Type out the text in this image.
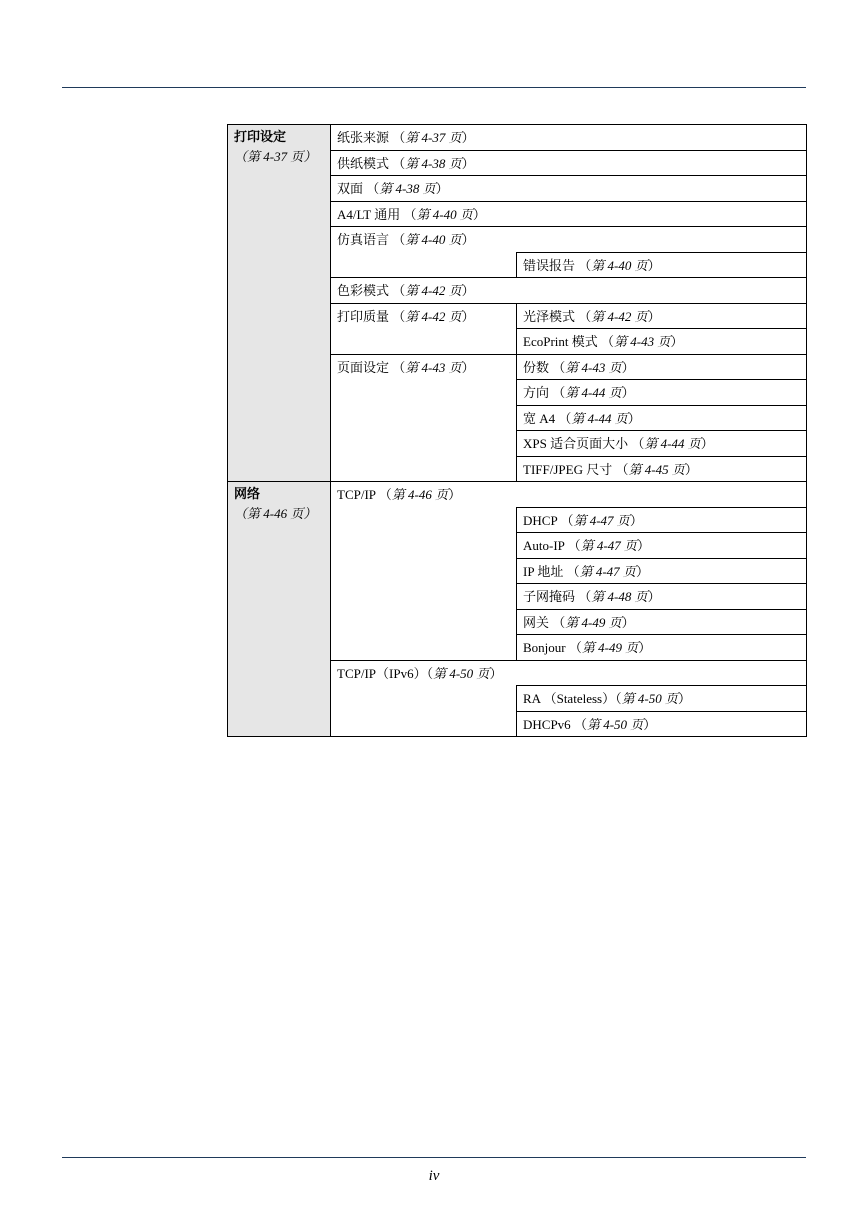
打印设定
（第 4-37 页）	纸张来源 （第 4-37 页）	
	供纸模式 （第 4-38 页）	
	双面 （第 4-38 页）	
	A4/LT 通用 （第 4-40 页）	
	仿真语言 （第 4-40 页）	
		错误报告 （第 4-40 页）
	色彩模式 （第 4-42 页）	
	打印质量 （第 4-42 页）	光泽模式 （第 4-42 页）
		EcoPrint 模式 （第 4-43 页）
	页面设定 （第 4-43 页）	份数 （第 4-43 页）
		方向 （第 4-44 页）
		宽 A4 （第 4-44 页）
		XPS 适合页面大小 （第 4-44 页）
		TIFF/JPEG 尺寸 （第 4-45 页）

网络
（第 4-46 页）	TCP/IP （第 4-46 页）	
		DHCP （第 4-47 页）
		Auto-IP （第 4-47 页）
		IP 地址 （第 4-47 页）
		子网掩码 （第 4-48 页）
		网关 （第 4-49 页）
		Bonjour （第 4-49 页）
	TCP/IP（IPv6）（第 4-50 页）	
		RA （Stateless）（第 4-50 页）
		DHCPv6 （第 4-50 页）
iv
